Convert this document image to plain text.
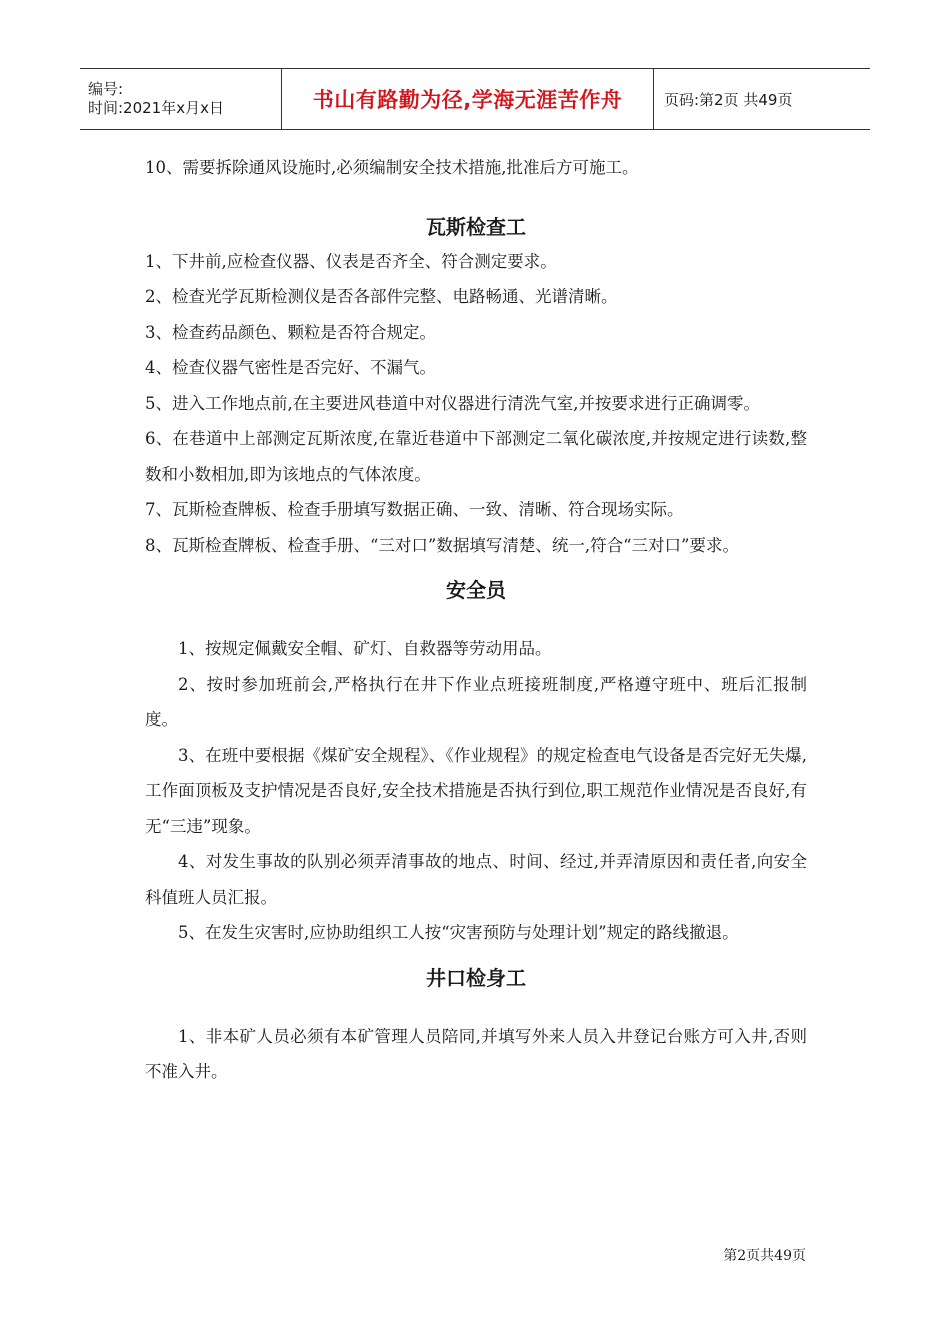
编号:
时间:2021年x月x日	书山有路勤为径,学海无涯苦作舟	页码:第2页 共49页
10、需要拆除通风设施时,必须编制安全技术措施,批准后方可施工。
瓦斯检查工
1、下井前,应检查仪器、仪表是否齐全、符合测定要求。
2、检查光学瓦斯检测仪是否各部件完整、电路畅通、光谱清晰。
3、检查药品颜色、颗粒是否符合规定。
4、检查仪器气密性是否完好、不漏气。
5、进入工作地点前,在主要进风巷道中对仪器进行清洗气室,并按要求进行正确调零。
6、在巷道中上部测定瓦斯浓度,在靠近巷道中下部测定二氧化碳浓度,并按规定进行读数,整数和小数相加,即为该地点的气体浓度。
7、瓦斯检查牌板、检查手册填写数据正确、一致、清晰、符合现场实际。
8、瓦斯检查牌板、检查手册、“三对口”数据填写清楚、统一,符合“三对口”要求。
安全员
1、按规定佩戴安全帽、矿灯、自救器等劳动用品。
2、按时参加班前会,严格执行在井下作业点班接班制度,严格遵守班中、班后汇报制度。
3、在班中要根据《煤矿安全规程》、《作业规程》的规定检查电气设备是否完好无失爆,工作面顶板及支护情况是否良好,安全技术措施是否执行到位,职工规范作业情况是否良好,有无“三违”现象。
4、对发生事故的队别必须弄清事故的地点、时间、经过,并弄清原因和责任者,向安全科值班人员汇报。
5、在发生灾害时,应协助组织工人按“灾害预防与处理计划”规定的路线撤退。
井口检身工
1、非本矿人员必须有本矿管理人员陪同,并填写外来人员入井登记台账方可入井,否则不准入井。
第2页共49页
